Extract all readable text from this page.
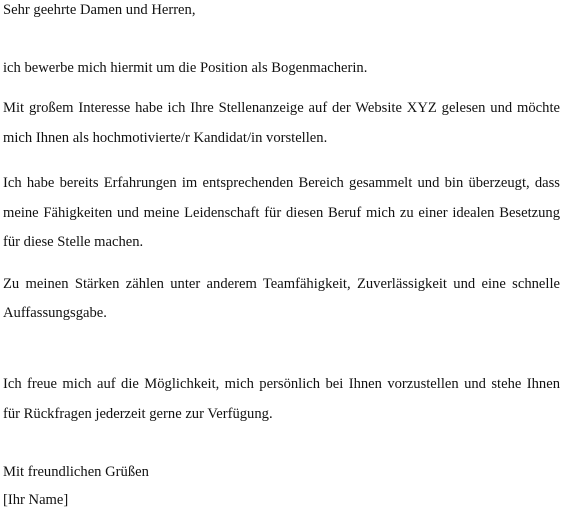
Sehr geehrte Damen und Herren,
ich bewerbe mich hiermit um die Position als Bogenmacherin.
Mit großem Interesse habe ich Ihre Stellenanzeige auf der Website XYZ gelesen und möchte
mich Ihnen als hochmotivierte/r Kandidat/in vorstellen.
Ich habe bereits Erfahrungen im entsprechenden Bereich gesammelt und bin überzeugt, dass
meine Fähigkeiten und meine Leidenschaft für diesen Beruf mich zu einer idealen Besetzung
für diese Stelle machen.
Zu meinen Stärken zählen unter anderem Teamfähigkeit, Zuverlässigkeit und eine schnelle
Auffassungsgabe.
Ich freue mich auf die Möglichkeit, mich persönlich bei Ihnen vorzustellen und stehe Ihnen
für Rückfragen jederzeit gerne zur Verfügung.
Mit freundlichen Grüßen
[Ihr Name]
